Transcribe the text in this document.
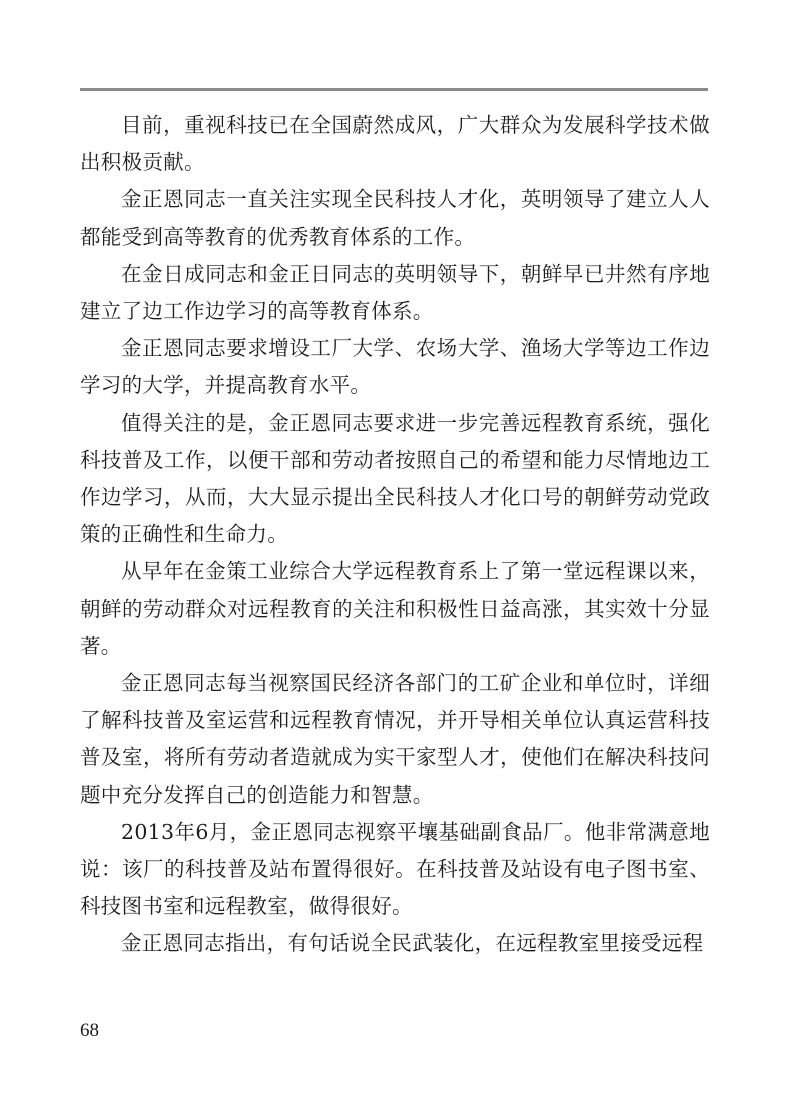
目前，重视科技已在全国蔚然成风，广大群众为发展科学技术做出积极贡献。

金正恩同志一直关注实现全民科技人才化，英明领导了建立人人都能受到高等教育的优秀教育体系的工作。

在金日成同志和金正日同志的英明领导下，朝鲜早已井然有序地建立了边工作边学习的高等教育体系。

金正恩同志要求增设工厂大学、农场大学、渔场大学等边工作边学习的大学，并提高教育水平。

值得关注的是，金正恩同志要求进一步完善远程教育系统，强化科技普及工作，以便干部和劳动者按照自己的希望和能力尽情地边工作边学习，从而，大大显示提出全民科技人才化口号的朝鲜劳动党政策的正确性和生命力。

从早年在金策工业综合大学远程教育系上了第一堂远程课以来，朝鲜的劳动群众对远程教育的关注和积极性日益高涨，其实效十分显著。

金正恩同志每当视察国民经济各部门的工矿企业和单位时，详细了解科技普及室运营和远程教育情况，并开导相关单位认真运营科技普及室，将所有劳动者造就成为实干家型人才，使他们在解决科技问题中充分发挥自己的创造能力和智慧。

2013年6月，金正恩同志视察平壤基础副食品厂。他非常满意地说：该厂的科技普及站布置得很好。在科技普及站设有电子图书室、科技图书室和远程教室，做得很好。

金正恩同志指出，有句话说全民武装化，在远程教室里接受远程

68
